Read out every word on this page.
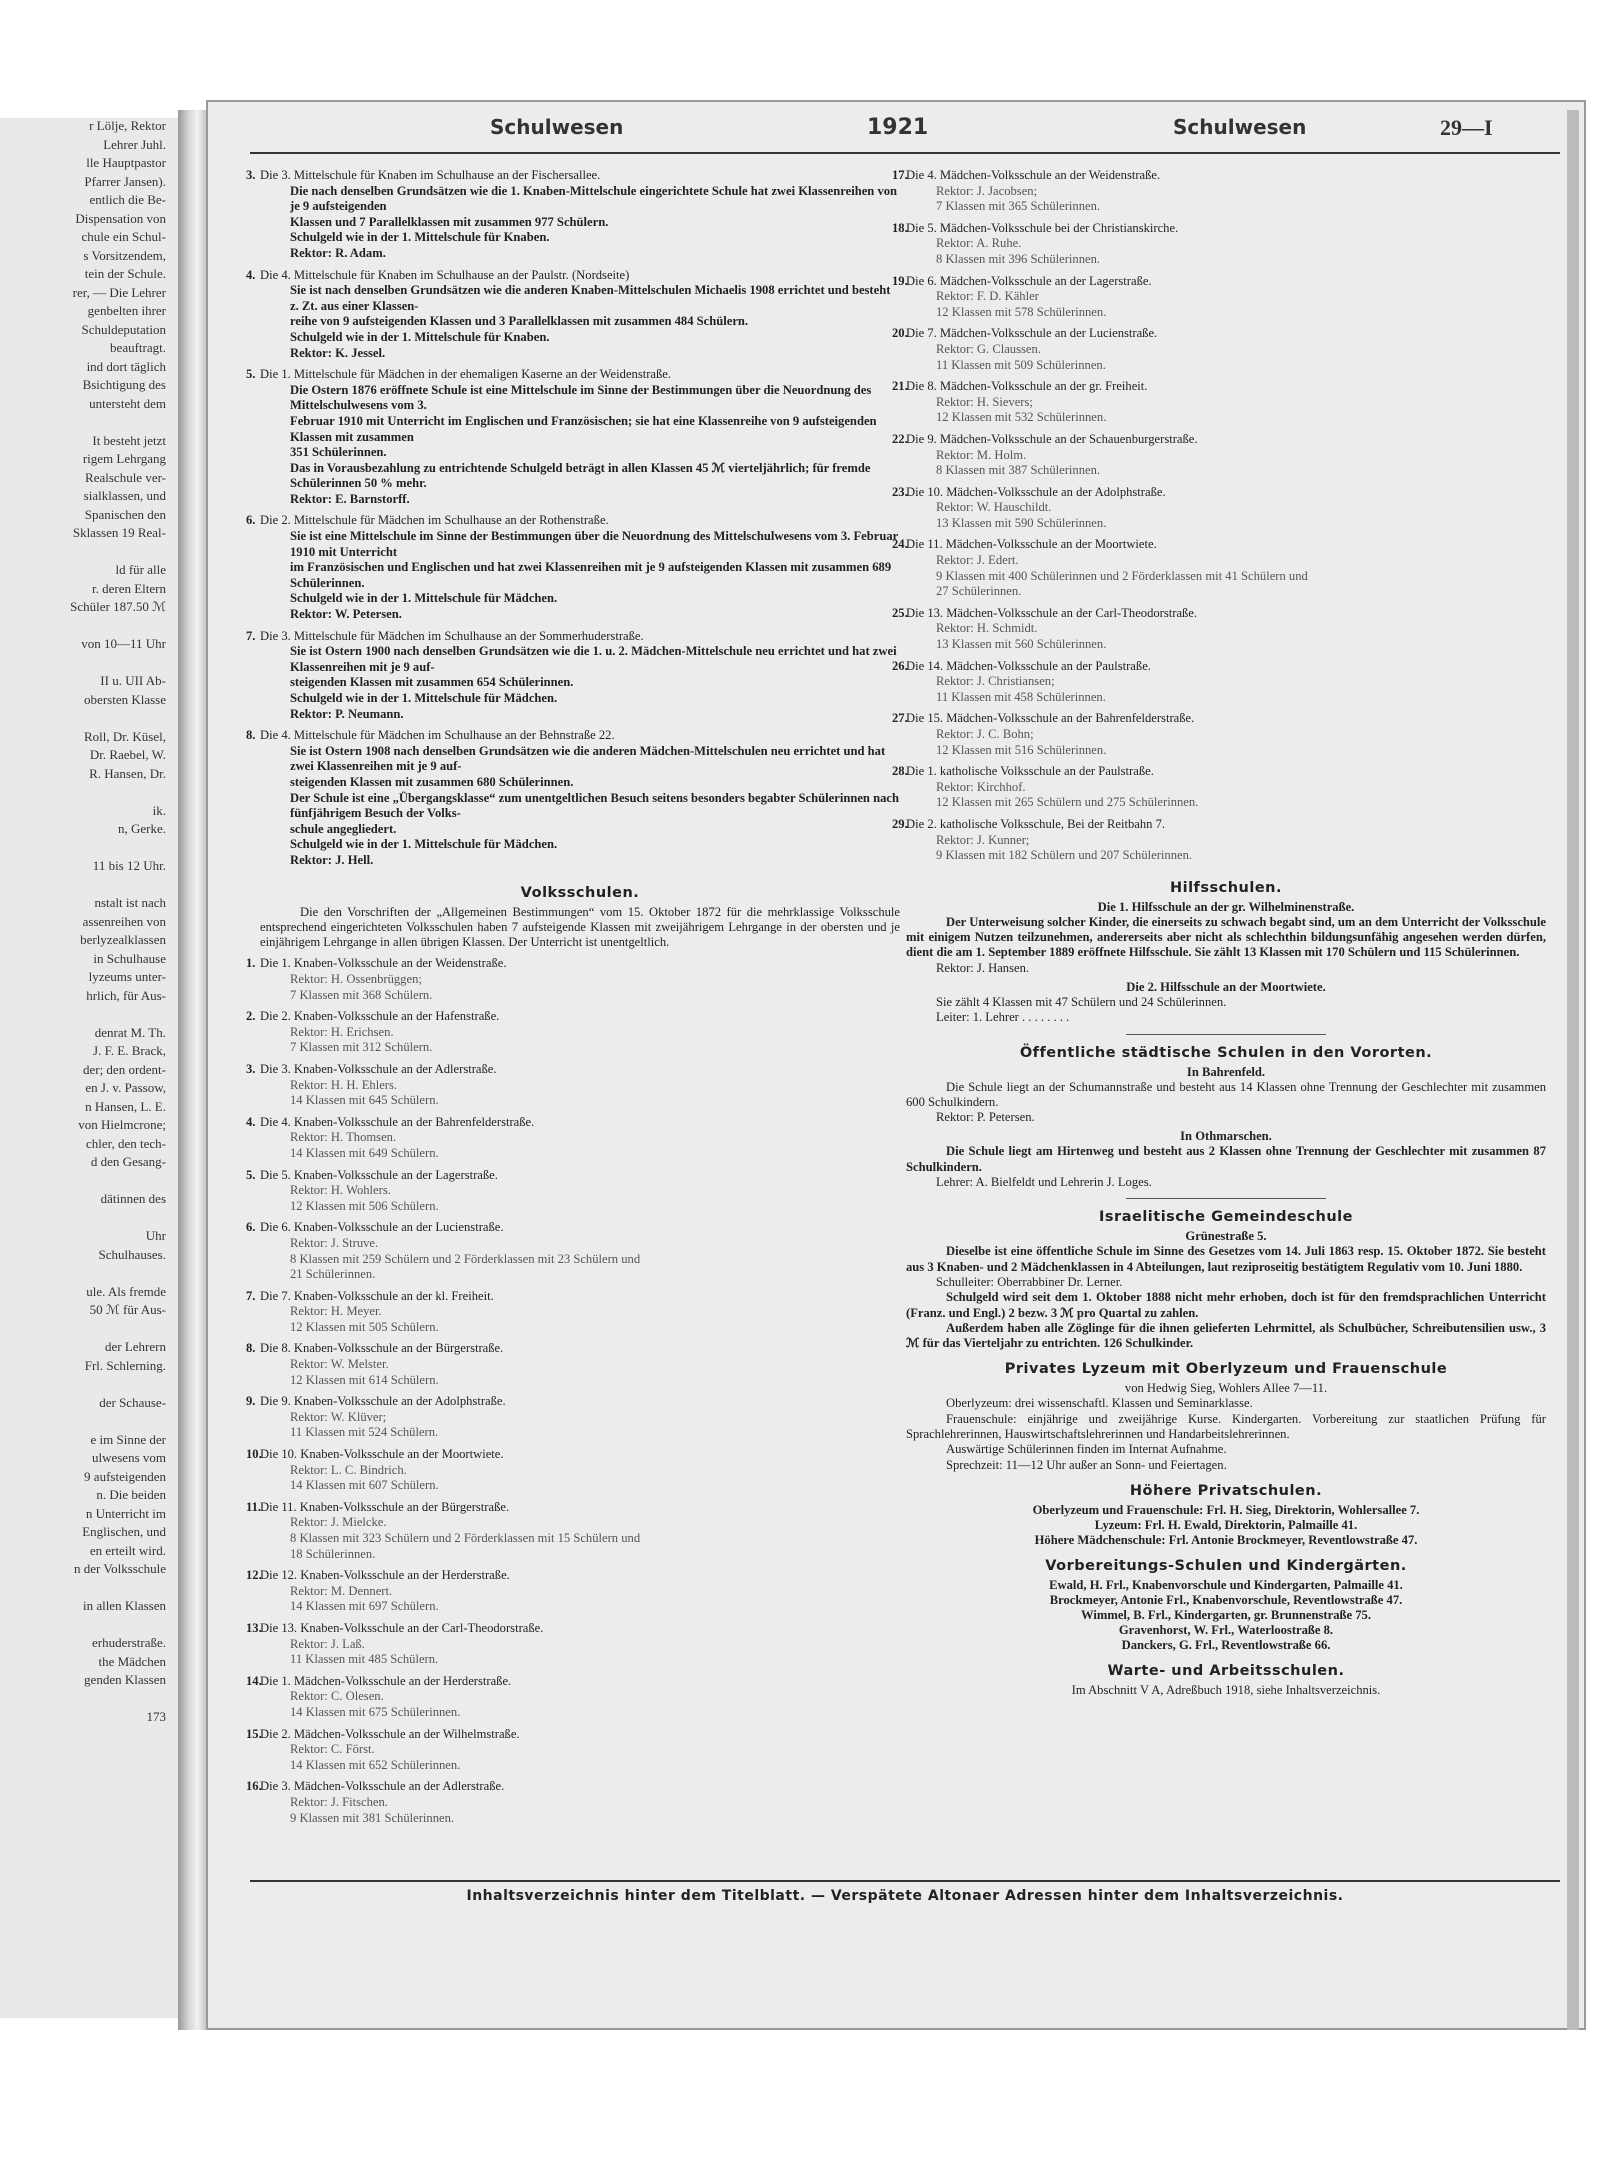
r Lölje, Rektor
Lehrer Juhl.
lle Hauptpastor
Pfarrer Jansen).
entlich die Be-
Dispensation von
chule ein Schul-
s Vorsitzendem,
tein der Schule.
rer, — Die Lehrer
genbelten ihrer
Schuldeputation
beauftragt.
ind dort täglich
Bsichtigung des
untersteht dem
It besteht jetzt
rigem Lehrgang
Realschule ver-
sialklassen, und
Spanischen den
Sklassen 19 Real-
ld für alle
r. deren Eltern
Schüler 187.50 ℳ
von 10—11 Uhr
II u. UII Ab-
obersten Klasse
Roll, Dr. Küsel,
Dr. Raebel, W.
R. Hansen, Dr.
ik.
n, Gerke.
11 bis 12 Uhr.
nstalt ist nach
assenreihen von
berlyzealklassen
in Schulhause
lyzeums unter-
hrlich, für Aus-
denrat M. Th.
J. F. E. Brack,
der; den ordent-
en J. v. Passow,
n Hansen, L. E.
von Hielmcrone;
chler, den tech-
d den Gesang-
dätinnen des
Uhr
Schulhauses.
ule. Als fremde
50 ℳ für Aus-
der Lehrern
Frl. Schlerning.
der Schause-
e im Sinne der
ulwesens vom
9 aufsteigenden
n. Die beiden
n Unterricht im
Englischen, und
en erteilt wird.
n der Volksschule
in allen Klassen
erhuderstraße.
the Mädchen
genden Klassen
173
Schulwesen	1921	Schulwesen	29—I
3. Die 3. Mittelschule für Knaben im Schulhause an der Fischersallee.
Die nach denselben Grundsätzen wie die 1. Knaben-Mittelschule eingerichtete Schule hat zwei Klassenreihen von je 9 aufsteigenden
Klassen und 7 Parallelklassen mit zusammen 977 Schülern.
Schulgeld wie in der 1. Mittelschule für Knaben.
Rektor: R. Adam.
4. Die 4. Mittelschule für Knaben im Schulhause an der Paulstr. (Nordseite)
Sie ist nach denselben Grundsätzen wie die anderen Knaben-Mittelschulen Michaelis 1908 errichtet und besteht z. Zt. aus einer Klassen-
reihe von 9 aufsteigenden Klassen und 3 Parallelklassen mit zusammen 484 Schülern.
Schulgeld wie in der 1. Mittelschule für Knaben.
Rektor: K. Jessel.
5. Die 1. Mittelschule für Mädchen in der ehemaligen Kaserne an der Weidenstraße.
Die Ostern 1876 eröffnete Schule ist eine Mittelschule im Sinne der Bestimmungen über die Neuordnung des Mittelschulwesens vom 3.
Februar 1910 mit Unterricht im Englischen und Französischen; sie hat eine Klassenreihe von 9 aufsteigenden Klassen mit zusammen
351 Schülerinnen.
Das in Vorausbezahlung zu entrichtende Schulgeld beträgt in allen Klassen 45 ℳ vierteljährlich; für fremde Schülerinnen 50 % mehr.
Rektor: E. Barnstorff.
6. Die 2. Mittelschule für Mädchen im Schulhause an der Rothenstraße.
Sie ist eine Mittelschule im Sinne der Bestimmungen über die Neuordnung des Mittelschulwesens vom 3. Februar 1910 mit Unterricht
im Französischen und Englischen und hat zwei Klassenreihen mit je 9 aufsteigenden Klassen mit zusammen 689 Schülerinnen.
Schulgeld wie in der 1. Mittelschule für Mädchen.
Rektor: W. Petersen.
7. Die 3. Mittelschule für Mädchen im Schulhause an der Sommerhuderstraße.
Sie ist Ostern 1900 nach denselben Grundsätzen wie die 1. u. 2. Mädchen-Mittelschule neu errichtet und hat zwei Klassenreihen mit je 9 auf-
steigenden Klassen mit zusammen 654 Schülerinnen.
Schulgeld wie in der 1. Mittelschule für Mädchen.
Rektor: P. Neumann.
8. Die 4. Mittelschule für Mädchen im Schulhause an der Behnstraße 22.
Sie ist Ostern 1908 nach denselben Grundsätzen wie die anderen Mädchen-Mittelschulen neu errichtet und hat zwei Klassenreihen mit je 9 auf-
steigenden Klassen mit zusammen 680 Schülerinnen.
Der Schule ist eine „Übergangsklasse“ zum unentgeltlichen Besuch seitens besonders begabter Schülerinnen nach fünfjährigem Besuch der Volks-
schule angegliedert.
Schulgeld wie in der 1. Mittelschule für Mädchen.
Rektor: J. Hell.
Volksschulen.
Die den Vorschriften der „Allgemeinen Bestimmungen“ vom 15. Oktober 1872 für die mehrklassige Volksschule entsprechend eingerichteten Volksschulen haben 7 aufsteigende Klassen mit zweijährigem Lehrgange in der obersten und je einjährigem Lehrgange in allen übrigen Klassen. Der Unterricht ist unentgeltlich.
1. Die 1. Knaben-Volksschule an der Weidenstraße.
Rektor: H. Ossenbrüggen;
7 Klassen mit 368 Schülern.
2. Die 2. Knaben-Volksschule an der Hafenstraße.
Rektor: H. Erichsen.
7 Klassen mit 312 Schülern.
3. Die 3. Knaben-Volksschule an der Adlerstraße.
Rektor: H. H. Ehlers.
14 Klassen mit 645 Schülern.
4. Die 4. Knaben-Volksschule an der Bahrenfelderstraße.
Rektor: H. Thomsen.
14 Klassen mit 649 Schülern.
5. Die 5. Knaben-Volksschule an der Lagerstraße.
Rektor: H. Wohlers.
12 Klassen mit 506 Schülern.
6. Die 6. Knaben-Volksschule an der Lucienstraße.
Rektor: J. Struve.
8 Klassen mit 259 Schülern und 2 Förderklassen mit 23 Schülern und
21 Schülerinnen.
7. Die 7. Knaben-Volksschule an der kl. Freiheit.
Rektor: H. Meyer.
12 Klassen mit 505 Schülern.
8. Die 8. Knaben-Volksschule an der Bürgerstraße.
Rektor: W. Melster.
12 Klassen mit 614 Schülern.
9. Die 9. Knaben-Volksschule an der Adolphstraße.
Rektor: W. Klüver;
11 Klassen mit 524 Schülern.
10.
Die 10. Knaben-Volksschule an der Moortwiete.
Rektor: L. C. Bindrich.
14 Klassen mit 607 Schülern.
11.
Die 11. Knaben-Volksschule an der Bürgerstraße.
Rektor: J. Mielcke.
8 Klassen mit 323 Schülern und 2 Förderklassen mit 15 Schülern und
18 Schülerinnen.
12.
Die 12. Knaben-Volksschule an der Herderstraße.
Rektor: M. Dennert.
14 Klassen mit 697 Schülern.
13.
Die 13. Knaben-Volksschule an der Carl-Theodorstraße.
Rektor: J. Laß.
11 Klassen mit 485 Schülern.
14.
Die 1. Mädchen-Volksschule an der Herderstraße.
Rektor: C. Olesen.
14 Klassen mit 675 Schülerinnen.
15.
Die 2. Mädchen-Volksschule an der Wilhelmstraße.
Rektor: C. Först.
14 Klassen mit 652 Schülerinnen.
16.
Die 3. Mädchen-Volksschule an der Adlerstraße.
Rektor: J. Fitschen.
9 Klassen mit 381 Schülerinnen.
17.
Die 4. Mädchen-Volksschule an der Weidenstraße.
Rektor: J. Jacobsen;
7 Klassen mit 365 Schülerinnen.
18.
Die 5. Mädchen-Volksschule bei der Christianskirche.
Rektor: A. Ruhe.
8 Klassen mit 396 Schülerinnen.
19.
Die 6. Mädchen-Volksschule an der Lagerstraße.
Rektor: F. D. Kähler
12 Klassen mit 578 Schülerinnen.
20.
Die 7. Mädchen-Volksschule an der Lucienstraße.
Rektor: G. Claussen.
11 Klassen mit 509 Schülerinnen.
21.
Die 8. Mädchen-Volksschule an der gr. Freiheit.
Rektor: H. Sievers;
12 Klassen mit 532 Schülerinnen.
22.
Die 9. Mädchen-Volksschule an der Schauenburgerstraße.
Rektor: M. Holm.
8 Klassen mit 387 Schülerinnen.
23.
Die 10. Mädchen-Volksschule an der Adolphstraße.
Rektor: W. Hauschildt.
13 Klassen mit 590 Schülerinnen.
24.
Die 11. Mädchen-Volksschule an der Moortwiete.
Rektor: J. Edert.
9 Klassen mit 400 Schülerinnen und 2 Förderklassen mit 41 Schülern und
27 Schülerinnen.
25.
Die 13. Mädchen-Volksschule an der Carl-Theodorstraße.
Rektor: H. Schmidt.
13 Klassen mit 560 Schülerinnen.
26.
Die 14. Mädchen-Volksschule an der Paulstraße.
Rektor: J. Christiansen;
11 Klassen mit 458 Schülerinnen.
27.
Die 15. Mädchen-Volksschule an der Bahrenfelderstraße.
Rektor: J. C. Bohn;
12 Klassen mit 516 Schülerinnen.
28.
Die 1. katholische Volksschule an der Paulstraße.
Rektor: Kirchhof.
12 Klassen mit 265 Schülern und 275 Schülerinnen.
29.
Die 2. katholische Volksschule, Bei der Reitbahn 7.
Rektor: J. Kunner;
9 Klassen mit 182 Schülern und 207 Schülerinnen.
Hilfsschulen.
Die 1. Hilfsschule an der gr. Wilhelminenstraße.
Der Unterweisung solcher Kinder, die einerseits zu schwach begabt sind, um an dem Unterricht der Volksschule mit einigem Nutzen teilzunehmen, andererseits aber nicht als schlechthin bildungsunfähig angesehen werden dürfen, dient die am 1. September 1889 eröffnete Hilfsschule. Sie zählt 13 Klassen mit 170 Schülern und 115 Schülerinnen.
Rektor: J. Hansen.
Die 2. Hilfsschule an der Moortwiete.
Sie zählt 4 Klassen mit 47 Schülern und 24 Schülerinnen.
Leiter: 1. Lehrer . . . . . . . .
Öffentliche städtische Schulen in den Vororten.
In Bahrenfeld.
Die Schule liegt an der Schumannstraße und besteht aus 14 Klassen ohne Trennung der Geschlechter mit zusammen 600 Schulkindern.
Rektor: P. Petersen.
In Othmarschen.
Die Schule liegt am Hirtenweg und besteht aus 2 Klassen ohne Trennung der Geschlechter mit zusammen 87 Schulkindern.
Lehrer: A. Bielfeldt und Lehrerin J. Loges.
Israelitische Gemeindeschule
Grünestraße 5.
Dieselbe ist eine öffentliche Schule im Sinne des Gesetzes vom 14. Juli 1863 resp. 15. Oktober 1872. Sie besteht aus 3 Knaben- und 2 Mädchenklassen in 4 Abteilungen, laut reziproseitig bestätigtem Regulativ vom 10. Juni 1880.
Schulleiter: Oberrabbiner Dr. Lerner.
Schulgeld wird seit dem 1. Oktober 1888 nicht mehr erhoben, doch ist für den fremdsprachlichen Unterricht (Franz. und Engl.) 2 bezw. 3 ℳ pro Quartal zu zahlen.
Außerdem haben alle Zöglinge für die ihnen gelieferten Lehrmittel, als Schulbücher, Schreibutensilien usw., 3 ℳ für das Vierteljahr zu entrichten. 126 Schulkinder.
Privates Lyzeum mit Oberlyzeum und Frauenschule
von Hedwig Sieg, Wohlers Allee 7—11.
Oberlyzeum: drei wissenschaftl. Klassen und Seminarklasse.
Frauenschule: einjährige und zweijährige Kurse. Kindergarten. Vorbereitung zur staatlichen Prüfung für Sprachlehrerinnen, Hauswirtschaftslehrerinnen und Handarbeitslehrerinnen.
Auswärtige Schülerinnen finden im Internat Aufnahme.
Sprechzeit: 11—12 Uhr außer an Sonn- und Feiertagen.
Höhere Privatschulen.
Oberlyzeum und Frauenschule: Frl. H. Sieg, Direktorin, Wohlersallee 7.
Lyzeum: Frl. H. Ewald, Direktorin, Palmaille 41.
Höhere Mädchenschule: Frl. Antonie Brockmeyer, Reventlowstraße 47.
Vorbereitungs-Schulen und Kindergärten.
Ewald, H. Frl., Knabenvorschule und Kindergarten, Palmaille 41.
Brockmeyer, Antonie Frl., Knabenvorschule, Reventlowstraße 47.
Wimmel, B. Frl., Kindergarten, gr. Brunnenstraße 75.
Gravenhorst, W. Frl., Waterloostraße 8.
Danckers, G. Frl., Reventlowstraße 66.
Warte- und Arbeitsschulen.
Im Abschnitt V A, Adreßbuch 1918, siehe Inhaltsverzeichnis.
Inhaltsverzeichnis hinter dem Titelblatt. — Verspätete Altonaer Adressen hinter dem Inhaltsverzeichnis.
